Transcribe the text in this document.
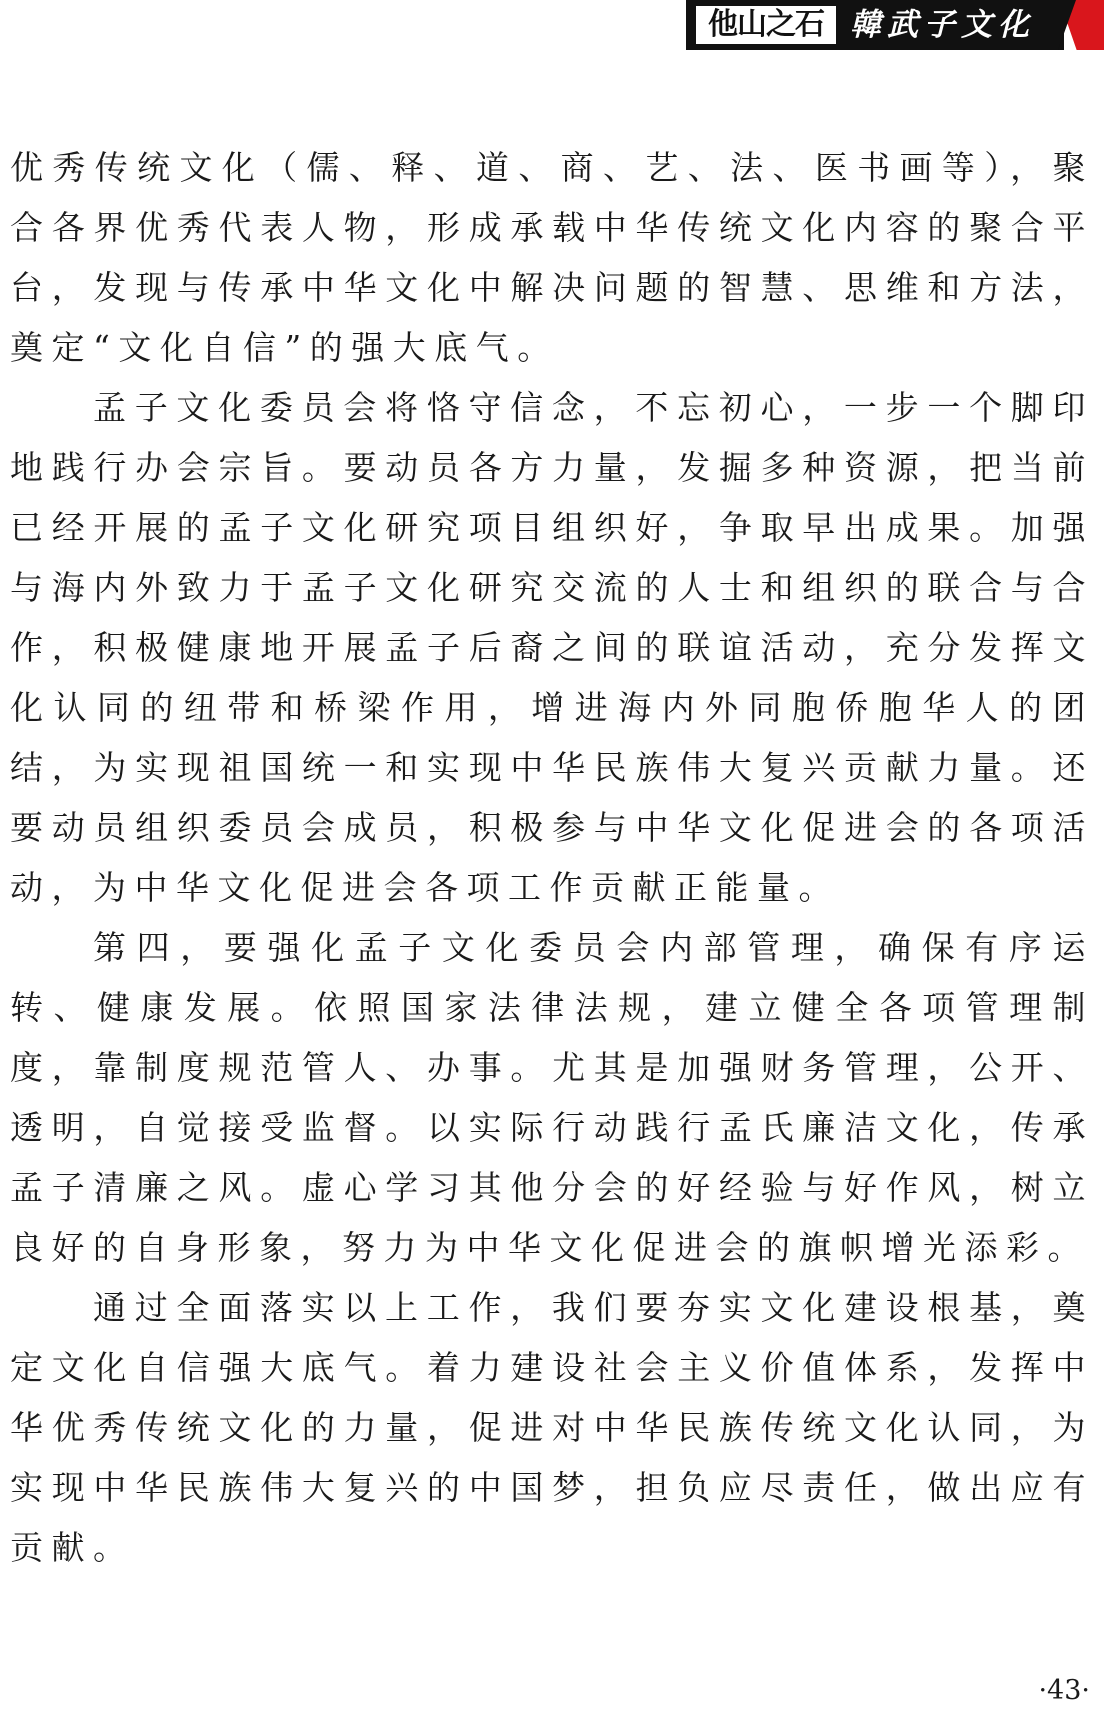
他山之石 韓武子文化

优秀传统文化（儒、释、道、商、艺、法、医书画等），聚合各界优秀代表人物，形成承载中华传统文化内容的聚合平台，发现与传承中华文化中解决问题的智慧、思维和方法，奠定“文化自信”的强大底气。

孟子文化委员会将恪守信念，不忘初心，一步一个脚印地践行办会宗旨。要动员各方力量，发掘多种资源，把当前已经开展的孟子文化研究项目组织好，争取早出成果。加强与海内外致力于孟子文化研究交流的人士和组织的联合与合作，积极健康地开展孟子后裔之间的联谊活动，充分发挥文化认同的纽带和桥梁作用，增进海内外同胞侨胞华人的团结，为实现祖国统一和实现中华民族伟大复兴贡献力量。还要动员组织委员会成员，积极参与中华文化促进会的各项活动，为中华文化促进会各项工作贡献正能量。

第四，要强化孟子文化委员会内部管理，确保有序运转、健康发展。依照国家法律法规，建立健全各项管理制度，靠制度规范管人、办事。尤其是加强财务管理，公开、透明，自觉接受监督。以实际行动践行孟氏廉洁文化，传承孟子清廉之风。虚心学习其他分会的好经验与好作风，树立良好的自身形象，努力为中华文化促进会的旗帜增光添彩。

通过全面落实以上工作，我们要夯实文化建设根基，奠定文化自信强大底气。着力建设社会主义价值体系，发挥中华优秀传统文化的力量，促进对中华民族传统文化认同，为实现中华民族伟大复兴的中国梦，担负应尽责任，做出应有贡献。

·43·
